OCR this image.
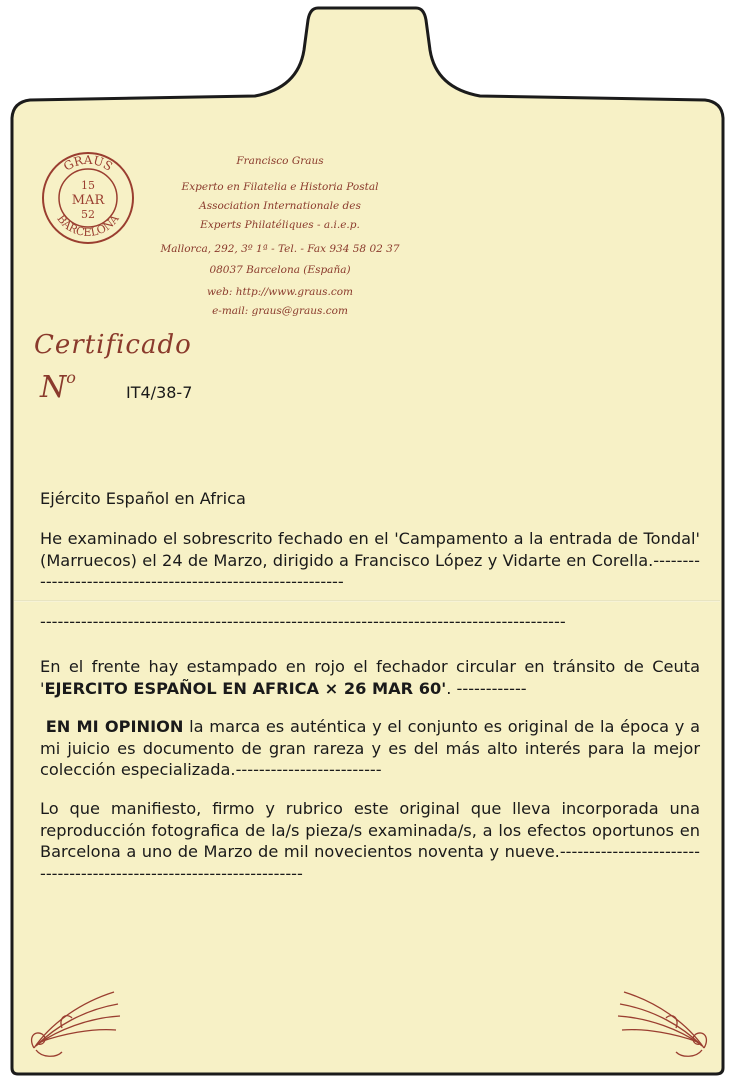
GRAUS
BARCELONA
15
MAR
52
Francisco Graus
Experto en Filatelia e Historia Postal
Association Internationale des
Experts Philatéliques - a.i.e.p.
Mallorca, 292, 3º 1ª - Tel. - Fax 934 58 02 37
08037 Barcelona (España)
web: http://www.graus.com
e-mail: graus@graus.com
Certificado
$N^o$
IT4/38-7
Ejército Español en Africa
He examinado el sobrescrito fechado en el 'Campamento a la entrada de Tondal' (Marruecos) el 24 de Marzo, dirigido a Francisco López y Vidarte en Corella.------------------------------------------------------------
------------------------------------------------------------------------------------------
En el frente hay estampado en rojo el fechador circular en tránsito de Ceuta 'EJERCITO ESPAÑOL EN AFRICA × 26 MAR 60'. ------------
EN MI OPINION la marca es auténtica y el conjunto es original de la época y a mi juicio es documento de gran rareza y es del más alto interés para la mejor colección especializada.-------------------------
Lo que manifiesto, firmo y rubrico este original que lleva incorporada una reproducción fotografica de la/s pieza/s examinada/s, a los efectos oportunos en Barcelona a uno de Marzo de mil novecientos noventa y nueve.---------------------------------------------------------------------
